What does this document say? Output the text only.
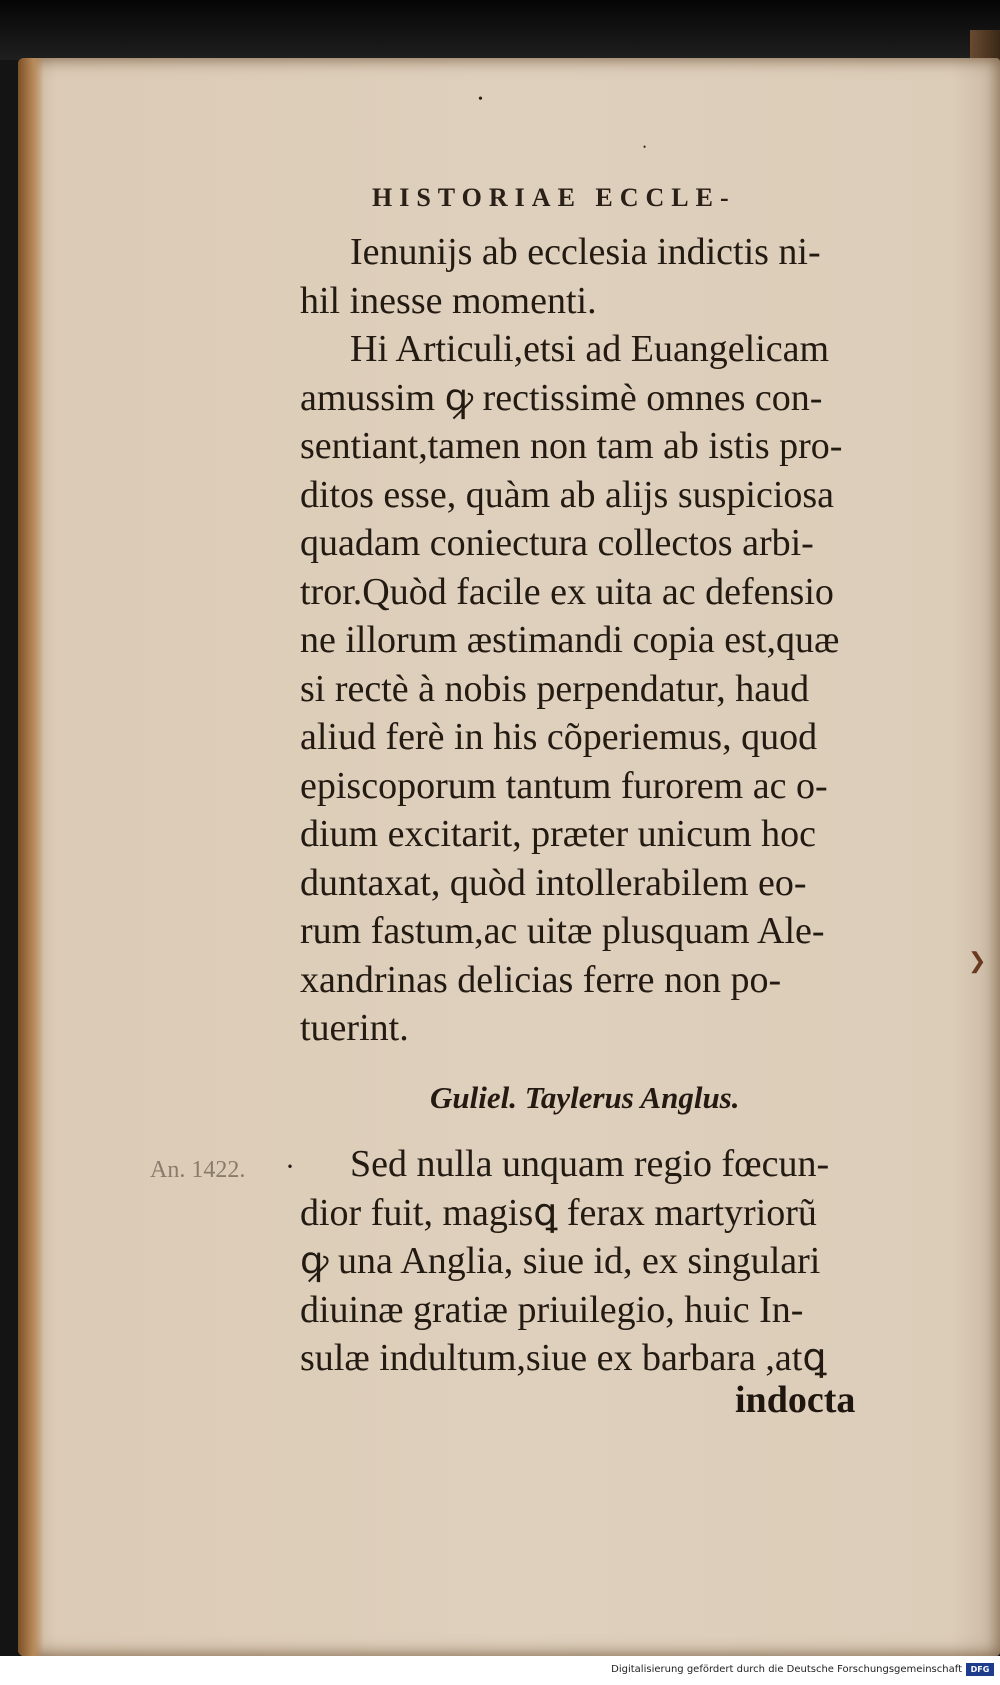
•
•
HISTORIAE ECCLE-
Ienunijs ab ecclesia indictis ni-
hil inesse momenti.
Hi Articuli,etsi ad Euangelicam
amussim ꝙ rectissimè omnes con-
sentiant,tamen non tam ab istis pro-
ditos esse, quàm ab alijs suspiciosa
quadam coniectura collectos arbi-
tror.Quòd facile ex uita ac defensio
ne illorum æstimandi copia est,quæ
si rectè à nobis perpendatur, haud
aliud ferè in his cõperiemus, quod
episcoporum tantum furorem ac o-
dium excitarit, præter unicum hoc
duntaxat, quòd intollerabilem eo-
rum fastum,ac uitæ plusquam Ale-
xandrinas delicias ferre non po-
tuerint.
❯
Guliel. Taylerus Anglus.
An. 1422. ·	Sed nulla unquam regio fœcun-
dior fuit, magisꝗ ferax martyriorũ
ꝙ una Anglia, siue id, ex singulari
diuinæ gratiæ priuilegio, huic In-
sulæ indultum,siue ex barbara ,atꝗ
indocta
Digitalisierung gefördert durch die Deutsche Forschungsgemeinschaft	DFG
